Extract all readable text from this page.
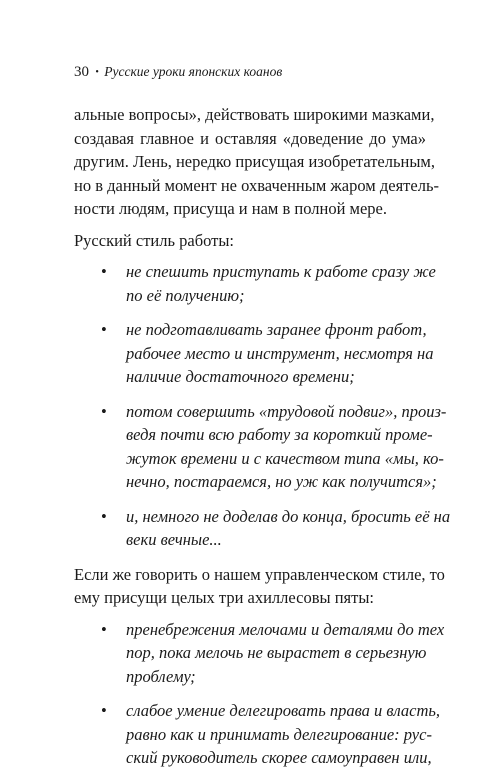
30 • Русские уроки японских коанов
альные вопросы», действовать широкими мазками,
создавая главное и оставляя «доведение до ума»
другим. Лень, нередко присущая изобретательным,
но в данный момент не охваченным жаром деятель-
ности людям, присуща и нам в полной мере.
Русский стиль работы:
• не спешить приступать к работе сразу же
по её получению;
• не подготавливать заранее фронт работ,
рабочее место и инструмент, несмотря на
наличие достаточного времени;
• потом совершить «трудовой подвиг», произ-
ведя почти всю работу за короткий проме-
жуток времени и с качеством типа «мы, ко-
нечно, постараемся, но уж как получится»;
• и, немного не доделав до конца, бросить её на
веки вечные...
Если же говорить о нашем управленческом стиле, то
ему присущи целых три ахиллесовы пяты:
• пренебрежения мелочами и деталями до тех
пор, пока мелочь не вырастет в серьезную
проблему;
• слабое умение делегировать права и власть,
равно как и принимать делегирование: рус-
ский руководитель скорее самоуправен или,
